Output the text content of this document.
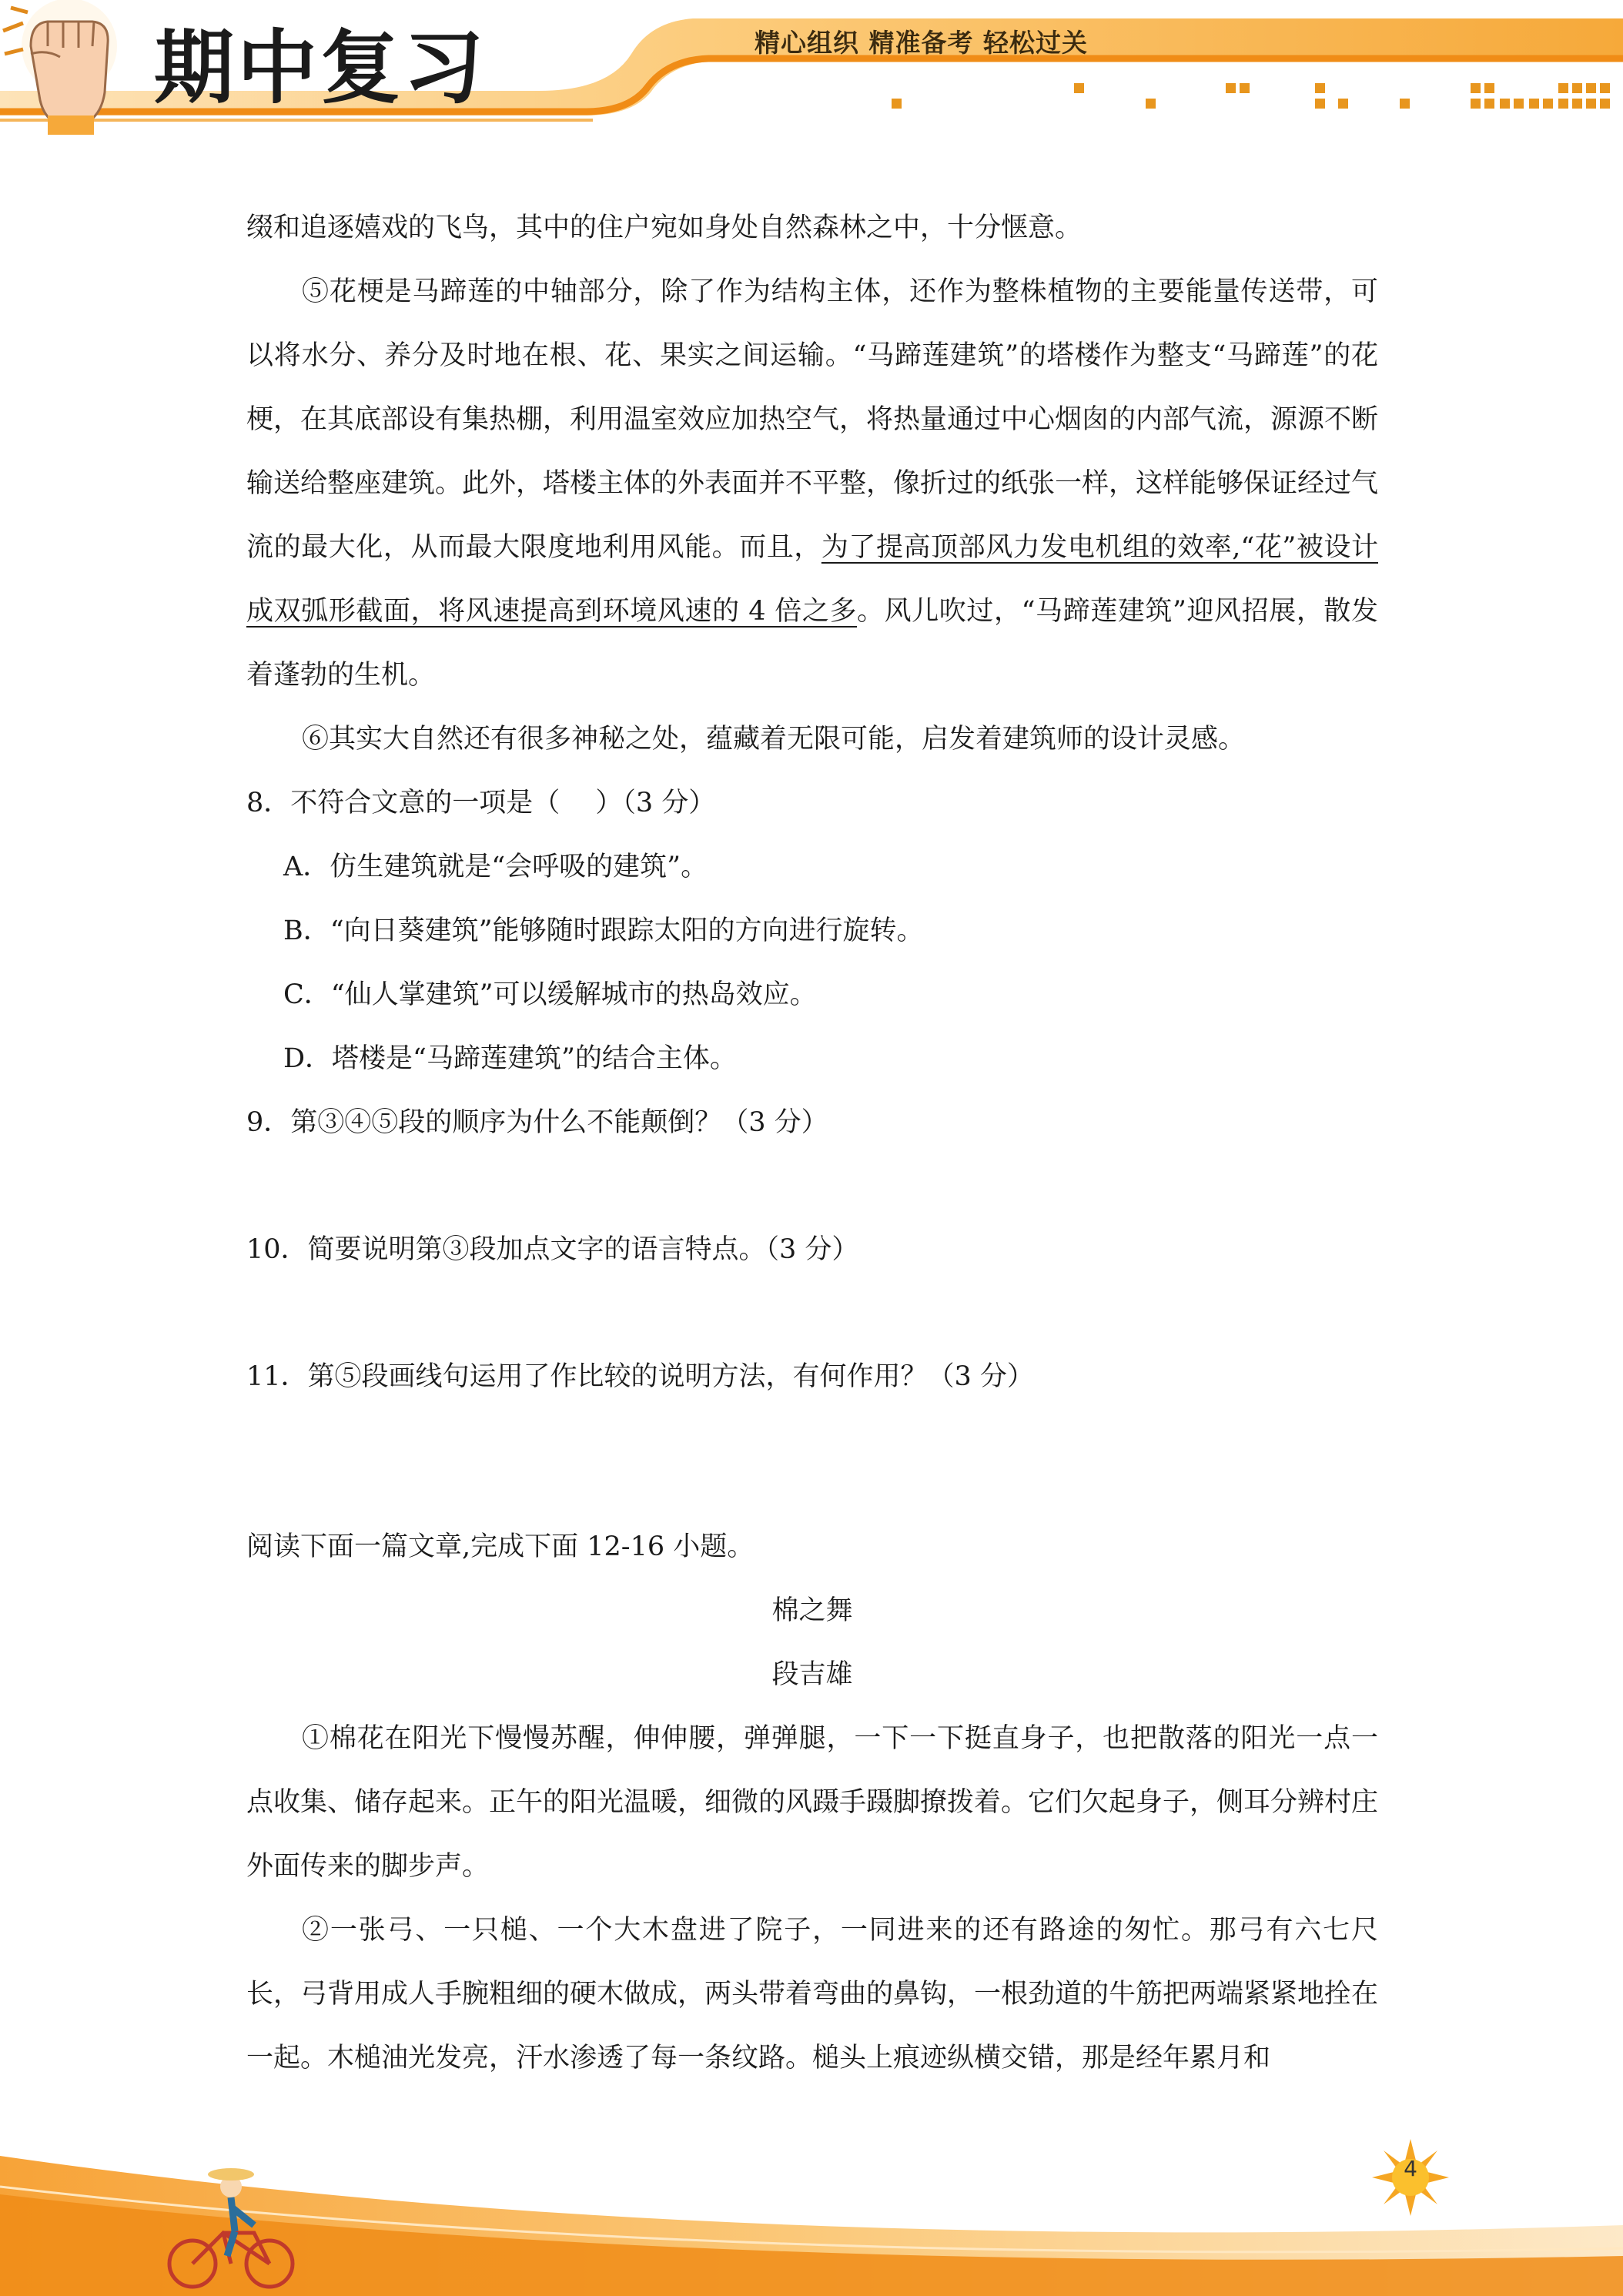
期中复习	精心组织 精准备考 轻松过关

缀和追逐嬉戏的飞鸟，其中的住户宛如身处自然森林之中，十分惬意。

⑤花梗是马蹄莲的中轴部分，除了作为结构主体，还作为整株植物的主要能量传送带，可以将水分、养分及时地在根、花、果实之间运输。“马蹄莲建筑”的塔楼作为整支“马蹄莲”的花梗，在其底部设有集热棚，利用温室效应加热空气，将热量通过中心烟囱的内部气流，源源不断输送给整座建筑。此外，塔楼主体的外表面并不平整，像折过的纸张一样，这样能够保证经过气流的最大化，从而最大限度地利用风能。而且，为了提高顶部风力发电机组的效率,“花”被设计成双弧形截面，将风速提高到环境风速的 4 倍之多。风儿吹过，“马蹄莲建筑”迎风招展，散发着蓬勃的生机。

⑥其实大自然还有很多神秘之处，蕴藏着无限可能，启发着建筑师的设计灵感。

8．不符合文意的一项是（　 ）（3 分）

A．仿生建筑就是“会呼吸的建筑”。

B．“向日葵建筑”能够随时跟踪太阳的方向进行旋转。

C．“仙人掌建筑”可以缓解城市的热岛效应。

D．塔楼是“马蹄莲建筑”的结合主体。

9．第③④⑤段的顺序为什么不能颠倒？（3 分）

10．简要说明第③段加点文字的语言特点。（3 分）

11．第⑤段画线句运用了作比较的说明方法，有何作用？（3 分）

阅读下面一篇文章,完成下面 12-16 小题。

棉之舞

段吉雄

①棉花在阳光下慢慢苏醒，伸伸腰，弹弹腿，一下一下挺直身子，也把散落的阳光一点一点收集、储存起来。正午的阳光温暖，细微的风蹑手蹑脚撩拨着。它们欠起身子，侧耳分辨村庄外面传来的脚步声。

②一张弓、一只槌、一个大木盘进了院子，一同进来的还有路途的匆忙。那弓有六七尺长，弓背用成人手腕粗细的硬木做成，两头带着弯曲的鼻钩，一根劲道的牛筋把两端紧紧地拴在一起。木槌油光发亮，汗水渗透了每一条纹路。槌头上痕迹纵横交错，那是经年累月和

4
